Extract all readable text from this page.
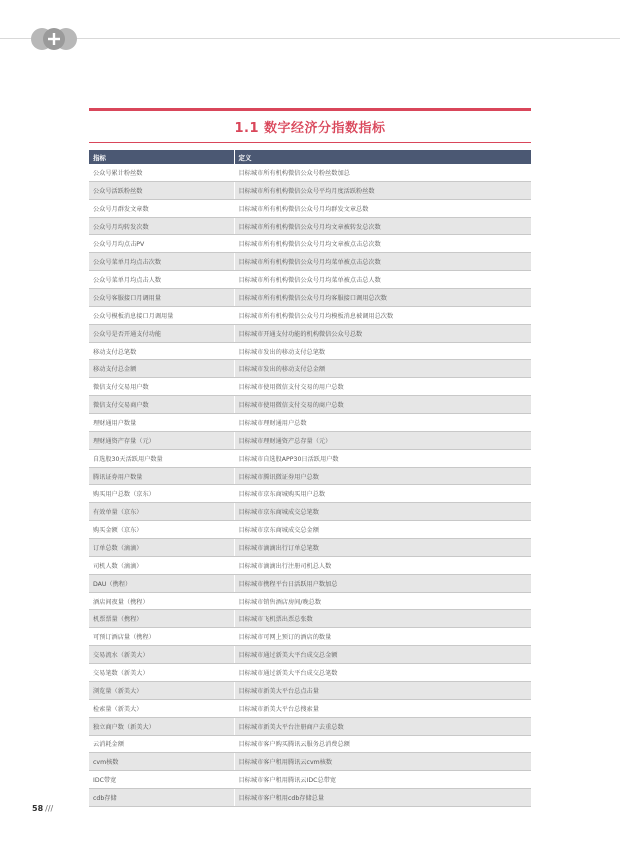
1.1 数字经济分指数指标
指标	定义
公众号累计粉丝数	目标城市所有机构微信公众号粉丝数加总
公众号活跃粉丝数	目标城市所有机构微信公众号平均月度活跃粉丝数
公众号月群发文章数	目标城市所有机构微信公众号月均群发文章总数
公众号月均转发次数	目标城市所有机构微信公众号月均文章被转发总次数
公众号月均点击PV	目标城市所有机构微信公众号月均文章被点击总次数
公众号菜单月均点击次数	目标城市所有机构微信公众号月均菜单被点击总次数
公众号菜单月均点击人数	目标城市所有机构微信公众号月均菜单被点击总人数
公众号客服接口月调用量	目标城市所有机构微信公众号月均客服接口调用总次数
公众号模板消息接口月调用量	目标城市所有机构微信公众号月均模板消息被调用总次数
公众号是否开通支付功能	目标城市开通支付功能的机构微信公众号总数
移动支付总笔数	目标城市发出的移动支付总笔数
移动支付总金额	目标城市发出的移动支付总金额
微信支付交易用户数	目标城市使用微信支付交易的用户总数
微信支付交易商户数	目标城市使用微信支付交易的商户总数
理财通用户数量	目标城市理财通用户总数
理财通资产存量（元）	目标城市理财通资产总存量（元）
自选股30天活跃用户数量	目标城市自选股APP30日活跃用户数
腾讯证券用户数量	目标城市腾讯微证券用户总数
购买用户总数（京东）	目标城市京东商城购买用户总数
有效单量（京东）	目标城市京东商城成交总笔数
购买金额（京东）	目标城市京东商城成交总金额
订单总数（滴滴）	目标城市滴滴出行订单总笔数
司机人数（滴滴）	目标城市滴滴出行注册司机总人数
DAU（携程）	目标城市携程平台日活跃用户数加总
酒店间夜量（携程）	目标城市销售酒店房间/晚总数
机票票量（携程）	目标城市飞机票出票总张数
可预订酒店量（携程）	目标城市可网上预订的酒店的数量
交易流水（新美大）	目标城市通过新美大平台成交总金额
交易笔数（新美大）	目标城市通过新美大平台成交总笔数
浏览量（新美大）	目标城市新美大平台总点击量
检索量（新美大）	目标城市新美大平台总搜索量
独立商户数（新美大）	目标城市新美大平台注册商户去重总数
云消耗金额	目标城市客户购买腾讯云服务总消费总额
cvm核数	目标城市客户租用腾讯云cvm核数
IDC带宽	目标城市客户租用腾讯云IDC总带宽
cdb存储	目标城市客户租用cdb存储总量
58 ///
